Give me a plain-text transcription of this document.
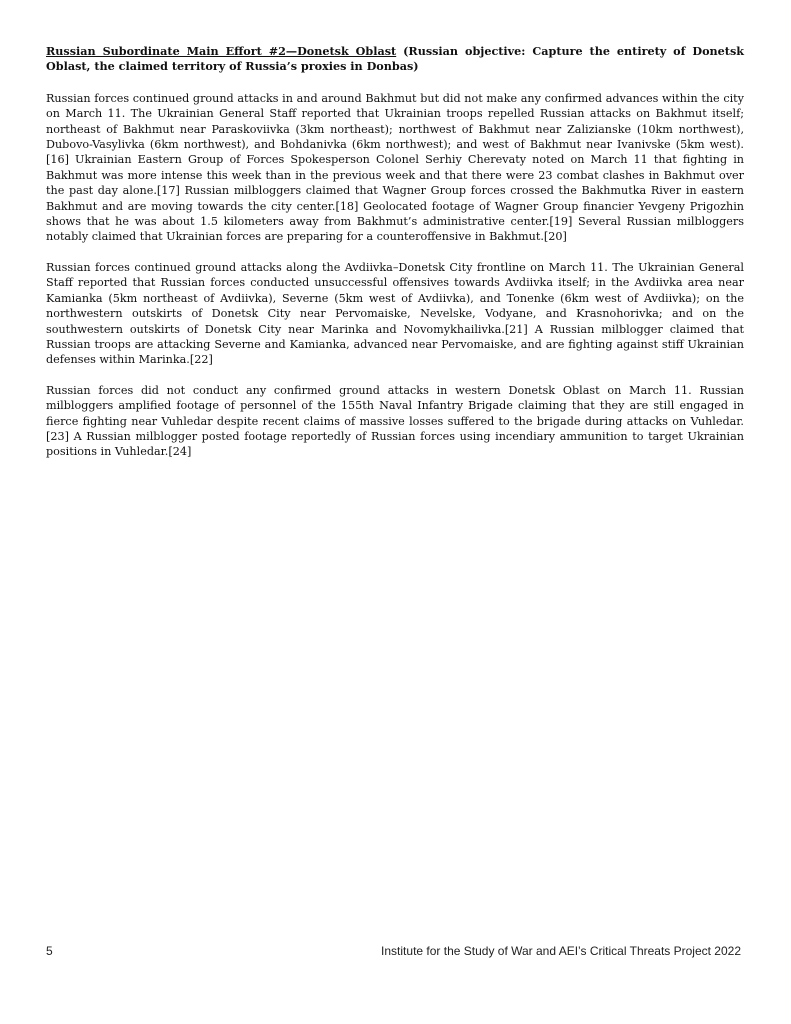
Russian Subordinate Main Effort #2—Donetsk Oblast (Russian objective: Capture the entirety of Donetsk Oblast, the claimed territory of Russia’s proxies in Donbas)

Russian forces continued ground attacks in and around Bakhmut but did not make any confirmed advances within the city on March 11. The Ukrainian General Staff reported that Ukrainian troops repelled Russian attacks on Bakhmut itself; northeast of Bakhmut near Paraskoviivka (3km northeast); northwest of Bakhmut near Zalizianske (10km northwest), Dubovo-Vasylivka (6km northwest), and Bohdanivka (6km northwest); and west of Bakhmut near Ivanivske (5km west).[16] Ukrainian Eastern Group of Forces Spokesperson Colonel Serhiy Cherevaty noted on March 11 that fighting in Bakhmut was more intense this week than in the previous week and that there were 23 combat clashes in Bakhmut over the past day alone.[17] Russian milbloggers claimed that Wagner Group forces crossed the Bakhmutka River in eastern Bakhmut and are moving towards the city center.[18] Geolocated footage of Wagner Group financier Yevgeny Prigozhin shows that he was about 1.5 kilometers away from Bakhmut’s administrative center.[19] Several Russian milbloggers notably claimed that Ukrainian forces are preparing for a counteroffensive in Bakhmut.[20]

Russian forces continued ground attacks along the Avdiivka–Donetsk City frontline on March 11. The Ukrainian General Staff reported that Russian forces conducted unsuccessful offensives towards Avdiivka itself; in the Avdiivka area near Kamianka (5km northeast of Avdiivka), Severne (5km west of Avdiivka), and Tonenke (6km west of Avdiivka); on the northwestern outskirts of Donetsk City near Pervomaiske, Nevelske, Vodyane, and Krasnohorivka; and on the southwestern outskirts of Donetsk City near Marinka and Novomykhailivka.[21] A Russian milblogger claimed that Russian troops are attacking Severne and Kamianka, advanced near Pervomaiske, and are fighting against stiff Ukrainian defenses within Marinka.[22]

Russian forces did not conduct any confirmed ground attacks in western Donetsk Oblast on March 11. Russian milbloggers amplified footage of personnel of the 155th Naval Infantry Brigade claiming that they are still engaged in fierce fighting near Vuhledar despite recent claims of massive losses suffered to the brigade during attacks on Vuhledar.[23] A Russian milblogger posted footage reportedly of Russian forces using incendiary ammunition to target Ukrainian positions in Vuhledar.[24]

5	Institute for the Study of War and AEI’s Critical Threats Project 2022
